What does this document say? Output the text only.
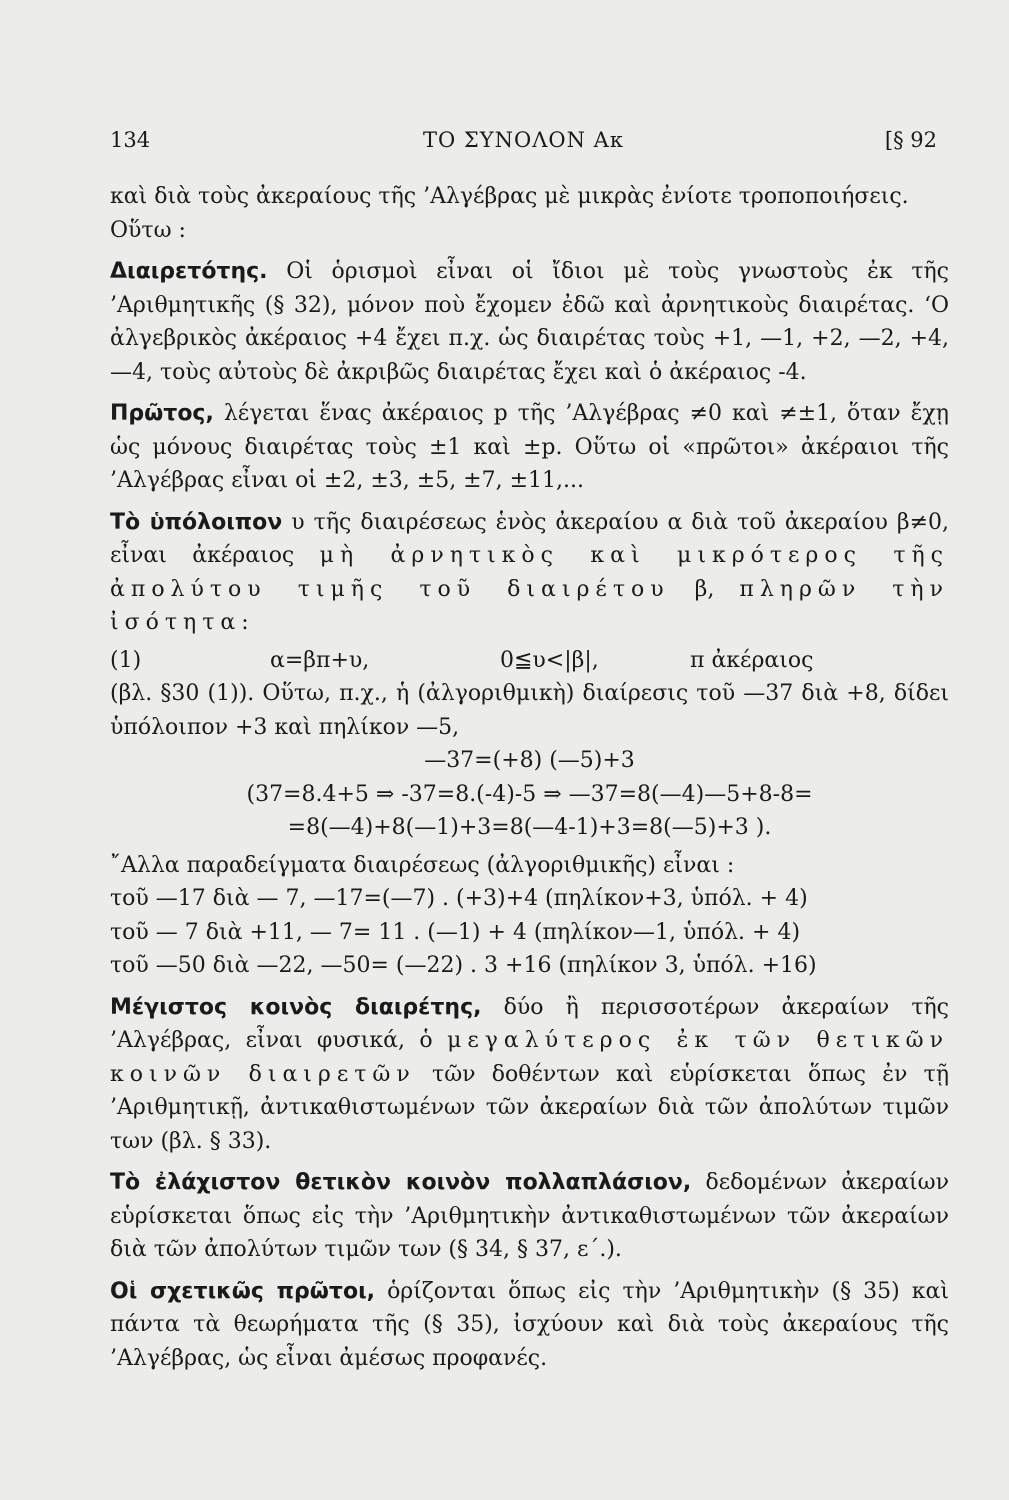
134	ΤΟ ΣΥΝΟΛΟΝ Ακ	[§ 92

καὶ διὰ τοὺς ἀκεραίους τῆς ’Αλγέβρας μὲ μικρὰς ἐνίοτε τροποποιήσεις.

Οὕτω :

Διαιρετότης. Οἱ ὁρισμοὶ εἶναι οἱ ἴδιοι μὲ τοὺς γνωστοὺς ἐκ τῆς ’Αριθμητικῆς (§ 32), μόνον ποὺ ἔχομεν ἐδῶ καὶ ἀρνητικοὺς διαιρέτας. ‘Ο ἀλγεβρικὸς ἀκέραιος +4 ἔχει π.χ. ὡς διαιρέτας τοὺς +1, —1, +2, —2, +4, —4, τοὺς αὐτοὺς δὲ ἀκριβῶς διαιρέτας ἔχει καὶ ὁ ἀκέραιος -4.

Πρῶτος, λέγεται ἕνας ἀκέραιος p τῆς ’Αλγέβρας ≠0 καὶ ≠±1, ὅταν ἔχῃ ὡς μόνους διαιρέτας τοὺς ±1 καὶ ±p. Οὕτω οἱ «πρῶτοι» ἀκέραιοι τῆς ’Αλγέβρας εἶναι οἱ ±2, ±3, ±5, ±7, ±11,...

Τὸ ὑπόλοιπον υ τῆς διαιρέσεως ἑνὸς ἀκεραίου α διὰ τοῦ ἀκεραίου β≠0, εἶναι ἀκέραιος μὴ ἀρνητικὸς καὶ μικρότερος τῆς ἀπολύτου τιμῆς τοῦ διαιρέτου β, πληρῶν τὴν ἰσότητα:

(1)	α=βπ+υ,	0≦υ<|β|,	π ἀκέραιος

(βλ. §30 (1)). Οὕτω, π.χ., ἡ (ἀλγοριθμικὴ) διαίρεσις τοῦ —37 διὰ +8, δίδει ὑπόλοιπον +3 καὶ πηλίκον —5,

—37=(+8) (—5)+3
(37=8.4+5 ⇒ -37=8.(-4)-5 ⇒ —37=8(—4)—5+8-8=
=8(—4)+8(—1)+3=8(—4-1)+3=8(—5)+3 ).

῎Αλλα παραδείγματα διαιρέσεως (ἀλγοριθμικῆς) εἶναι :

τοῦ —17 διὰ — 7, —17=(—7) . (+3)+4 (πηλίκον+3, ὑπόλ. + 4)
τοῦ — 7 διὰ +11, — 7= 11 . (—1) + 4 (πηλίκον—1, ὑπόλ. + 4)
τοῦ —50 διὰ —22, —50= (—22) . 3 +16 (πηλίκον 3, ὑπόλ. +16)

Μέγιστος κοινὸς διαιρέτης, δύο ἢ περισσοτέρων ἀκεραίων τῆς ’Αλγέβρας, εἶναι φυσικά, ὁ μεγαλύτερος ἐκ τῶν θετικῶν κοινῶν διαιρετῶν τῶν δοθέντων καὶ εὑρίσκεται ὅπως ἐν τῇ ’Αριθμητικῇ, ἀντικαθιστωμένων τῶν ἀκεραίων διὰ τῶν ἀπολύτων τιμῶν των (βλ. § 33).

Τὸ ἐλάχιστον θετικὸν κοινὸν πολλαπλάσιον, δεδομένων ἀκεραίων εὑρίσκεται ὅπως εἰς τὴν ’Αριθμητικὴν ἀντικαθιστωμένων τῶν ἀκεραίων διὰ τῶν ἀπολύτων τιμῶν των (§ 34, § 37, ε΄.).

Οἱ σχετικῶς πρῶτοι, ὁρίζονται ὅπως εἰς τὴν ’Αριθμητικὴν (§ 35) καὶ πάντα τὰ θεωρήματα τῆς (§ 35), ἰσχύουν καὶ διὰ τοὺς ἀκεραίους τῆς ’Αλγέβρας, ὡς εἶναι ἀμέσως προφανές.
